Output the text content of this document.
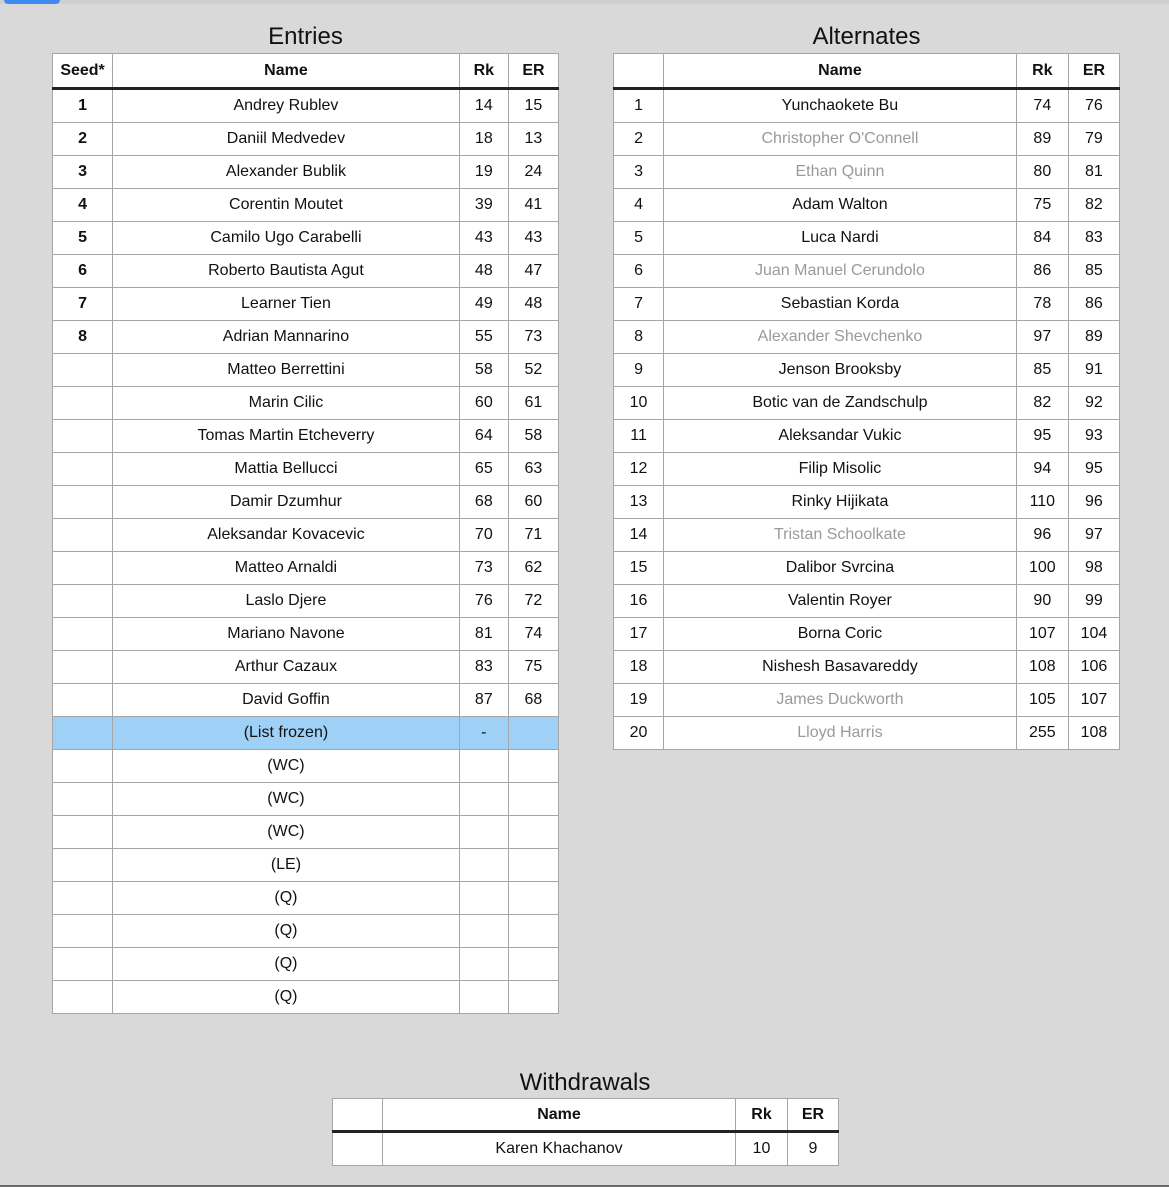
Entries
Seed*	Name	Rk	ER
1	Andrey Rublev	14	15
2	Daniil Medvedev	18	13
3	Alexander Bublik	19	24
4	Corentin Moutet	39	41
5	Camilo Ugo Carabelli	43	43
6	Roberto Bautista Agut	48	47
7	Learner Tien	49	48
8	Adrian Mannarino	55	73
	Matteo Berrettini	58	52
	Marin Cilic	60	61
	Tomas Martin Etcheverry	64	58
	Mattia Bellucci	65	63
	Damir Dzumhur	68	60
	Aleksandar Kovacevic	70	71
	Matteo Arnaldi	73	62
	Laslo Djere	76	72
	Mariano Navone	81	74
	Arthur Cazaux	83	75
	David Goffin	87	68
	(List frozen)	-	
	(WC)		
	(WC)		
	(WC)		
	(LE)		
	(Q)		
	(Q)		
	(Q)		
	(Q)		
Alternates
	Name	Rk	ER
1	Yunchaokete Bu	74	76
2	Christopher O'Connell	89	79
3	Ethan Quinn	80	81
4	Adam Walton	75	82
5	Luca Nardi	84	83
6	Juan Manuel Cerundolo	86	85
7	Sebastian Korda	78	86
8	Alexander Shevchenko	97	89
9	Jenson Brooksby	85	91
10	Botic van de Zandschulp	82	92
11	Aleksandar Vukic	95	93
12	Filip Misolic	94	95
13	Rinky Hijikata	110	96
14	Tristan Schoolkate	96	97
15	Dalibor Svrcina	100	98
16	Valentin Royer	90	99
17	Borna Coric	107	104
18	Nishesh Basavareddy	108	106
19	James Duckworth	105	107
20	Lloyd Harris	255	108
Withdrawals
	Name	Rk	ER
	Karen Khachanov	10	9
